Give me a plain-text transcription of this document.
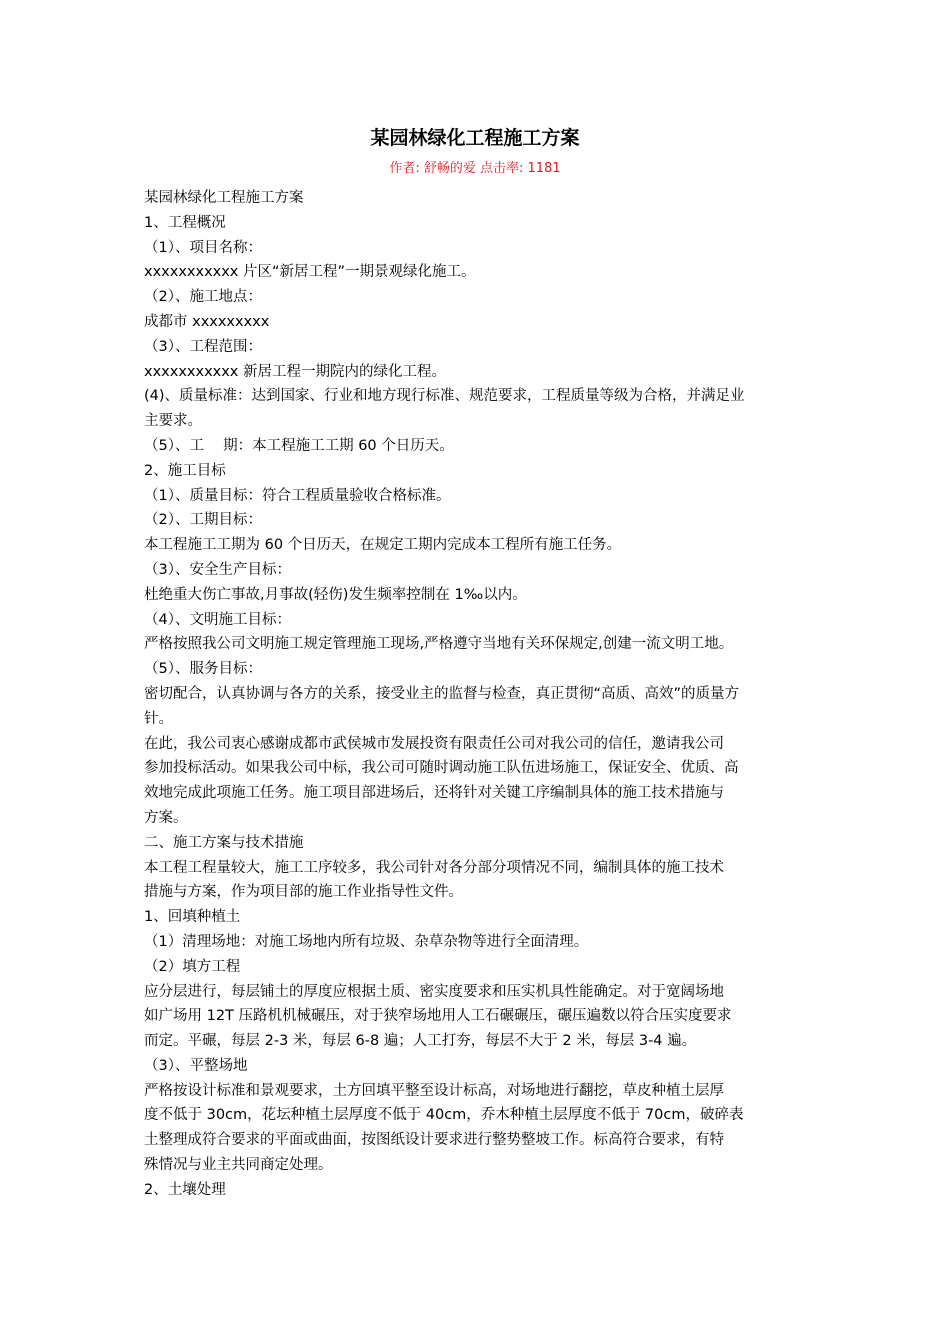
某园林绿化工程施工方案
作者: 舒畅的爱 点击率: 1181

某园林绿化工程施工方案

1、工程概况

（1）、项目名称：

xxxxxxxxxxx 片区“新居工程”一期景观绿化施工。

（2）、施工地点：

成都市 xxxxxxxxx

（3）、工程范围：

xxxxxxxxxxx 新居工程一期院内的绿化工程。

(4)、质量标准：达到国家、行业和地方现行标准、规范要求，工程质量等级为合格，并满足业

主要求。

（5）、工　 期：本工程施工工期 60 个日历天。

2、施工目标

（1）、质量目标：符合工程质量验收合格标准。

（2）、工期目标：

本工程施工工期为 60 个日历天，在规定工期内完成本工程所有施工任务。

（3）、安全生产目标：

杜绝重大伤亡事故,月事故(轻伤)发生频率控制在 1‰以内。

（4）、文明施工目标：

严格按照我公司文明施工规定管理施工现场,严格遵守当地有关环保规定,创建一流文明工地。

（5）、服务目标：

密切配合，认真协调与各方的关系，接受业主的监督与检查，真正贯彻“高质、高效”的质量方

针。

在此，我公司衷心感谢成都市武侯城市发展投资有限责任公司对我公司的信任，邀请我公司

参加投标活动。如果我公司中标，我公司可随时调动施工队伍进场施工，保证安全、优质、高

效地完成此项施工任务。施工项目部进场后，还将针对关键工序编制具体的施工技术措施与

方案。

二、施工方案与技术措施

本工程工程量较大，施工工序较多，我公司针对各分部分项情况不同，编制具体的施工技术

措施与方案，作为项目部的施工作业指导性文件。

1、回填种植土

（1）清理场地：对施工场地内所有垃圾、杂草杂物等进行全面清理。

（2）填方工程

应分层进行，每层铺土的厚度应根据土质、密实度要求和压实机具性能确定。对于宽阔场地

如广场用 12T 压路机机械碾压，对于狭窄场地用人工石碾碾压，碾压遍数以符合压实度要求

而定。平碾，每层 2-3 米，每层 6-8 遍；人工打夯，每层不大于 2 米，每层 3-4 遍。

（3）、平整场地

严格按设计标准和景观要求，土方回填平整至设计标高，对场地进行翻挖，草皮种植土层厚

度不低于 30cm，花坛种植土层厚度不低于 40cm，乔木种植土层厚度不低于 70cm，破碎表

土整理成符合要求的平面或曲面，按图纸设计要求进行整势整坡工作。标高符合要求，有特

殊情况与业主共同商定处理。

2、土壤处理
